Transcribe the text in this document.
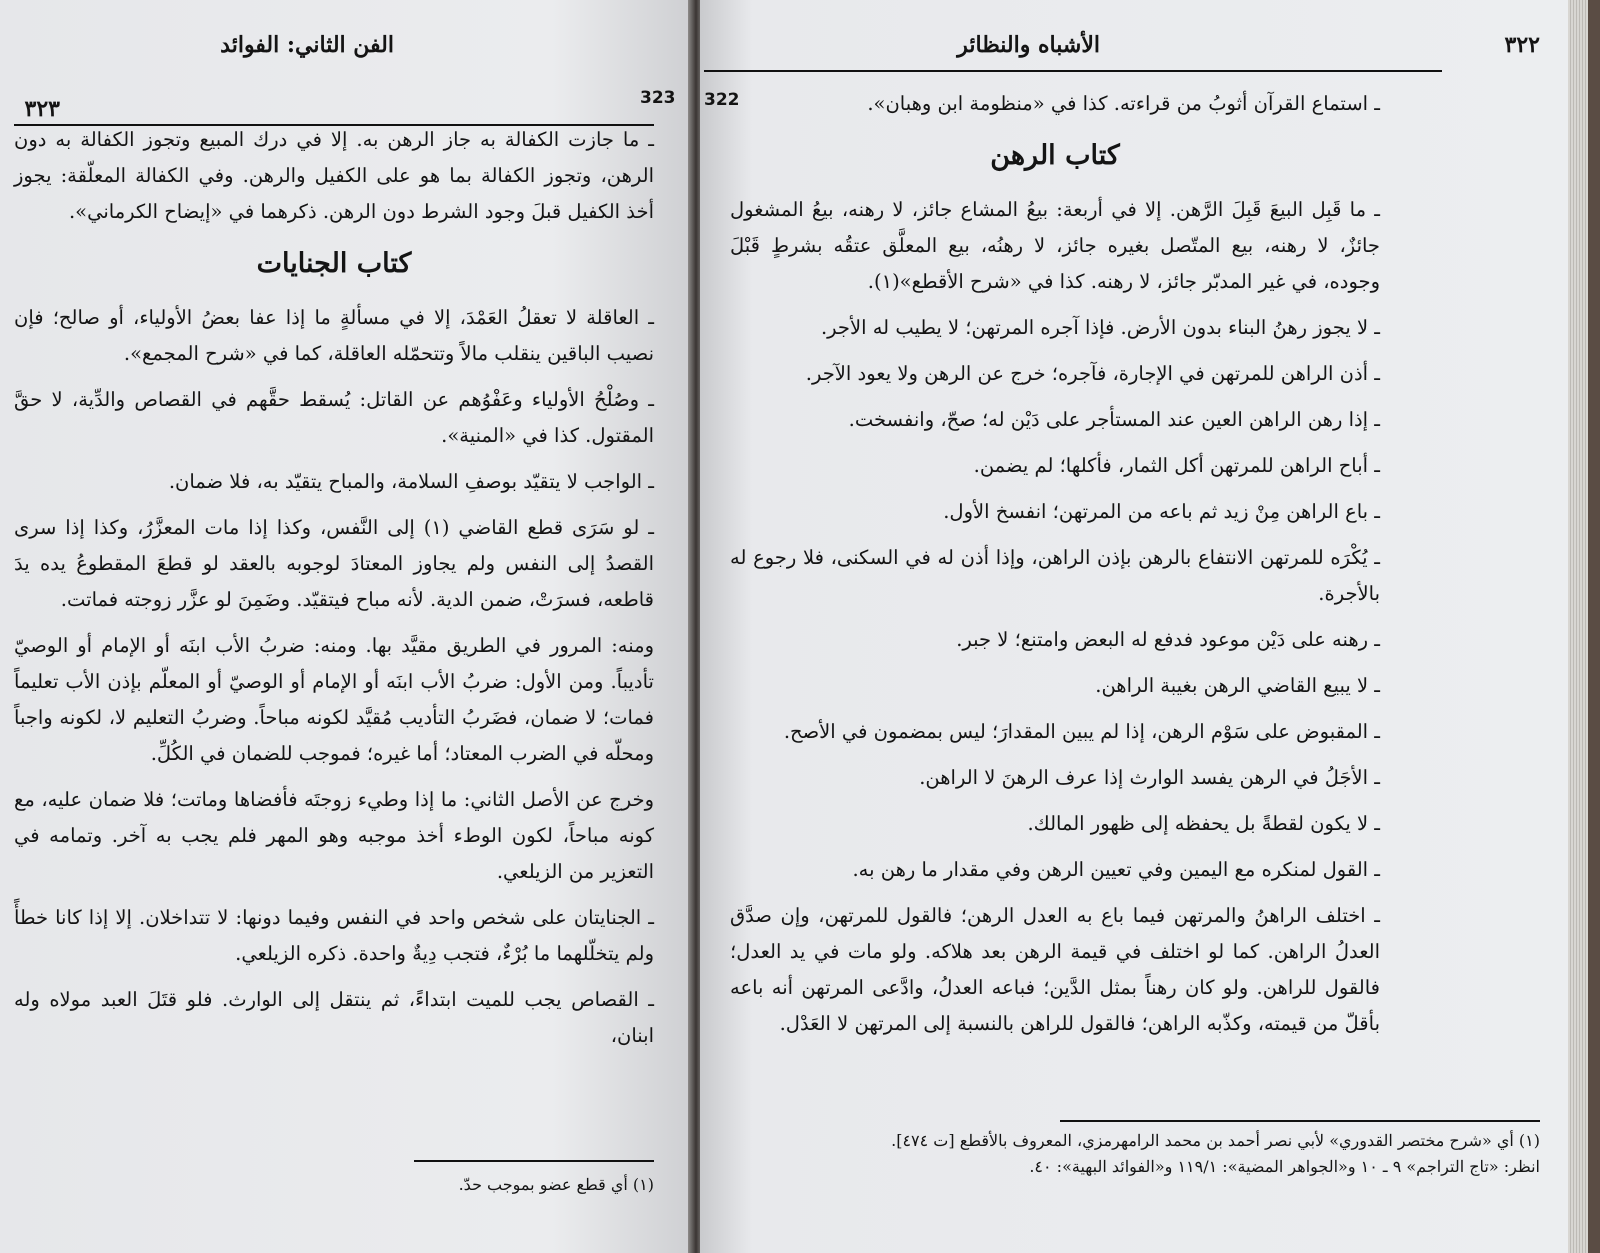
الفن الثاني: الفوائد
٣٢٣	323

ـ ما جازت الكفالة به جاز الرهن به. إلا في درك المبيع وتجوز الكفالة به دون الرهن، وتجوز الكفالة بما هو على الكفيل والرهن. وفي الكفالة المعلّقة: يجوز أخذ الكفيل قبلَ وجود الشرط دون الرهن. ذكرهما في «إيضاح الكرماني».

كتاب الجنايات

ـ العاقلة لا تعقلُ العَمْدَ، إلا في مسألةٍ ما إذا عفا بعضُ الأولياء، أو صالح؛ فإن نصيب الباقين ينقلب مالاً وتتحمّله العاقلة، كما في «شرح المجمع».

ـ وصُلْحُ الأولياء وعَفْوُهم عن القاتل: يُسقط حقَّهم في القصاص والدِّية، لا حقَّ المقتول. كذا في «المنية».

ـ الواجب لا يتقيّد بوصفِ السلامة، والمباح يتقيّد به، فلا ضمان.

ـ لو سَرَى قطع القاضي (١) إلى النَّفس، وكذا إذا مات المعزَّرُ، وكذا إذا سرى القصدُ إلى النفس ولم يجاوز المعتادَ لوجوبه بالعقد لو قطعَ المقطوعُ يده يدَ قاطعه، فسرَتْ، ضمن الدية. لأنه مباح فيتقيّد. وضَمِنَ لو عزَّر زوجته فماتت.

ومنه: المرور في الطريق مقيَّد بها. ومنه: ضربُ الأب ابنَه أو الإمام أو الوصيّ تأديباً. ومن الأول: ضربُ الأب ابنَه أو الإمام أو الوصيّ أو المعلّم بإذن الأب تعليماً فمات؛ لا ضمان، فضَربُ التأديب مُقيَّد لكونه مباحاً. وضربُ التعليم لا، لكونه واجباً ومحلّه في الضرب المعتاد؛ أما غيره؛ فموجب للضمان في الكُلِّ.

وخرج عن الأصل الثاني: ما إذا وطيء زوجتَه فأفضاها وماتت؛ فلا ضمان عليه، مع كونه مباحاً، لكون الوطء أخذ موجبه وهو المهر فلم يجب به آخر. وتمامه في التعزير من الزيلعي.

ـ الجنايتان على شخص واحد في النفس وفيما دونها: لا تتداخلان. إلا إذا كانا خطأً ولم يتخلّلهما ما بُرْءٌ، فتجب دِيةٌ واحدة. ذكره الزيلعي.

ـ القصاص يجب للميت ابتداءً، ثم ينتقل إلى الوارث. فلو قتَلَ العبد مولاه وله ابنان،

(١) أي قطع عضو بموجب حدّ.

الأشباه والنظائر	٣٢٢
322	ـ استماع القرآن أثوبُ من قراءته. كذا في «منظومة ابن وهبان».

كتاب الرهن

ـ ما قَبِل البيعَ قَبِلَ الرَّهن. إلا في أربعة: بيعُ المشاع جائز، لا رهنه، بيعُ المشغول جائزٌ، لا رهنه، بيع المتّصل بغيره جائز، لا رهنُه، بيع المعلَّق عتقُه بشرطٍ قَبْلَ وجوده، في غير المدبّر جائز، لا رهنه. كذا في «شرح الأقطع»(١).

ـ لا يجوز رهنُ البناء بدون الأرض. فإذا آجره المرتهن؛ لا يطيب له الأجر.

ـ أذن الراهن للمرتهن في الإجارة، فآجره؛ خرج عن الرهن ولا يعود الآجر.

ـ إذا رهن الراهن العين عند المستأجر على دَيْن له؛ صحّ، وانفسخت.

ـ أباح الراهن للمرتهن أكل الثمار، فأكلها؛ لم يضمن.

ـ باع الراهن مِنْ زيد ثم باعه من المرتهن؛ انفسخ الأول.

ـ يُكْرَه للمرتهن الانتفاع بالرهن بإذن الراهن، وإذا أذن له في السكنى، فلا رجوع له بالأجرة.

ـ رهنه على دَيْن موعود فدفع له البعض وامتنع؛ لا جبر.

ـ لا يبيع القاضي الرهن بغيبة الراهن.

ـ المقبوض على سَوْم الرهن، إذا لم يبين المقدارَ؛ ليس بمضمون في الأصح.

ـ الأجَلُ في الرهن يفسد الوارث إذا عرف الرهنَ لا الراهن.

ـ لا يكون لقطةً بل يحفظه إلى ظهور المالك.

ـ القول لمنكره مع اليمين وفي تعيين الرهن وفي مقدار ما رهن به.

ـ اختلف الراهنُ والمرتهن فيما باع به العدل الرهن؛ فالقول للمرتهن، وإن صدَّق العدلُ الراهن. كما لو اختلف في قيمة الرهن بعد هلاكه. ولو مات في يد العدل؛ فالقول للراهن. ولو كان رهناً بمثل الدَّين؛ فباعه العدلُ، وادَّعى المرتهن أنه باعه بأقلّ من قيمته، وكذّبه الراهن؛ فالقول للراهن بالنسبة إلى المرتهن لا العَدْل.

(١) أي «شرح مختصر القدوري» لأبي نصر أحمد بن محمد الرامهرمزي، المعروف بالأقطع [ت ٤٧٤].

انظر: «تاج التراجم» ٩ ـ ١٠ و«الجواهر المضية»: ١١٩/١ و«الفوائد البهية»: ٤٠.
